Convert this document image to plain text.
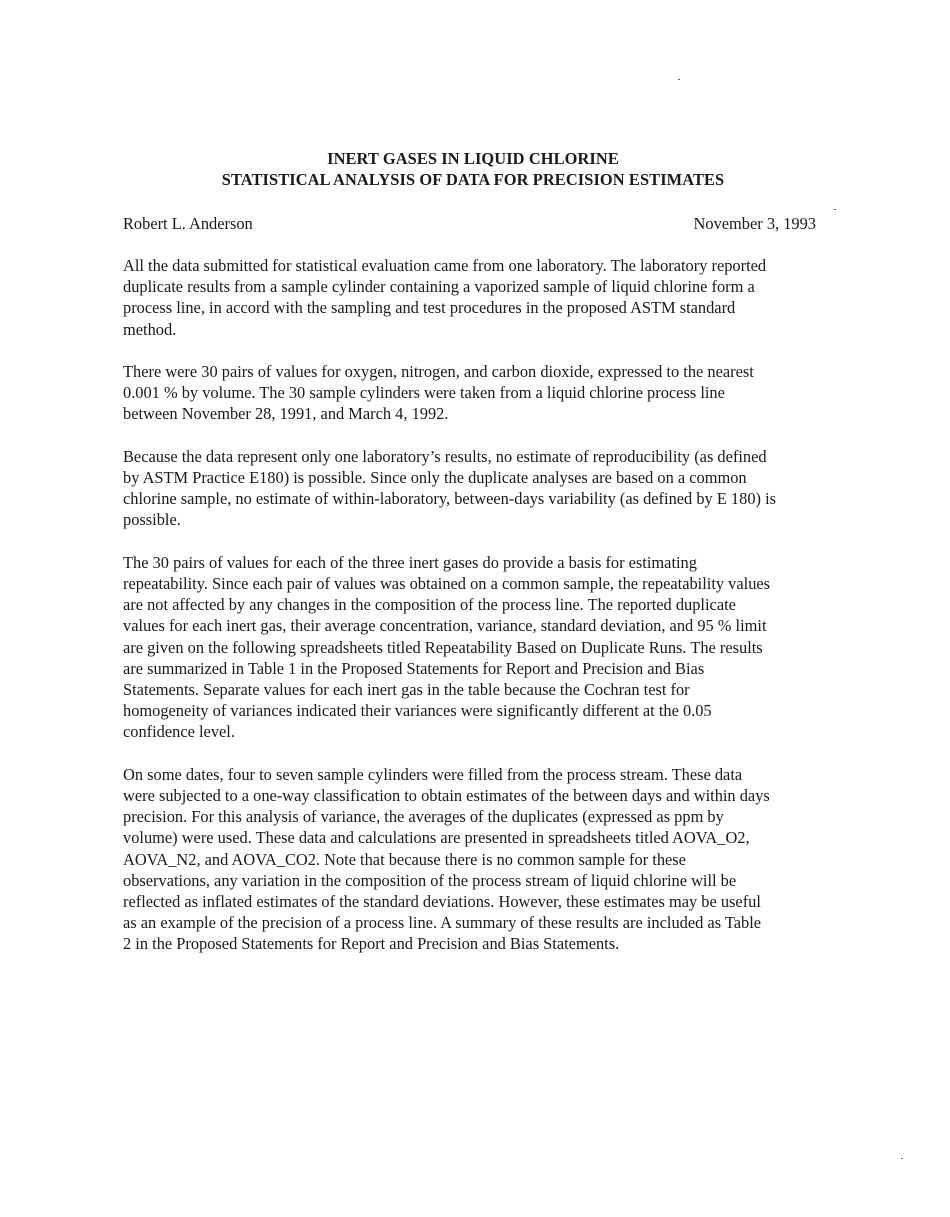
INERT GASES IN LIQUID CHLORINE
STATISTICAL ANALYSIS OF DATA FOR PRECISION ESTIMATES
Robert L. Anderson	November 3, 1993

All the data submitted for statistical evaluation came from one laboratory. The laboratory reported
duplicate results from a sample cylinder containing a vaporized sample of liquid chlorine form a
process line, in accord with the sampling and test procedures in the proposed ASTM standard
method.

There were 30 pairs of values for oxygen, nitrogen, and carbon dioxide, expressed to the nearest
0.001 % by volume. The 30 sample cylinders were taken from a liquid chlorine process line
between November 28, 1991, and March 4, 1992.

Because the data represent only one laboratory’s results, no estimate of reproducibility (as defined
by ASTM Practice E180) is possible. Since only the duplicate analyses are based on a common
chlorine sample, no estimate of within-laboratory, between-days variability (as defined by E 180) is
possible.

The 30 pairs of values for each of the three inert gases do provide a basis for estimating
repeatability. Since each pair of values was obtained on a common sample, the repeatability values
are not affected by any changes in the composition of the process line. The reported duplicate
values for each inert gas, their average concentration, variance, standard deviation, and 95 % limit
are given on the following spreadsheets titled Repeatability Based on Duplicate Runs. The results
are summarized in Table 1 in the Proposed Statements for Report and Precision and Bias
Statements. Separate values for each inert gas in the table because the Cochran test for
homogeneity of variances indicated their variances were significantly different at the 0.05
confidence level.

On some dates, four to seven sample cylinders were filled from the process stream. These data
were subjected to a one-way classification to obtain estimates of the between days and within days
precision. For this analysis of variance, the averages of the duplicates (expressed as ppm by
volume) were used. These data and calculations are presented in spreadsheets titled AOVA_O2,
AOVA_N2, and AOVA_CO2. Note that because there is no common sample for these
observations, any variation in the composition of the process stream of liquid chlorine will be
reflected as inflated estimates of the standard deviations. However, these estimates may be useful
as an example of the precision of a process line. A summary of these results are included as Table
2 in the Proposed Statements for Report and Precision and Bias Statements.
